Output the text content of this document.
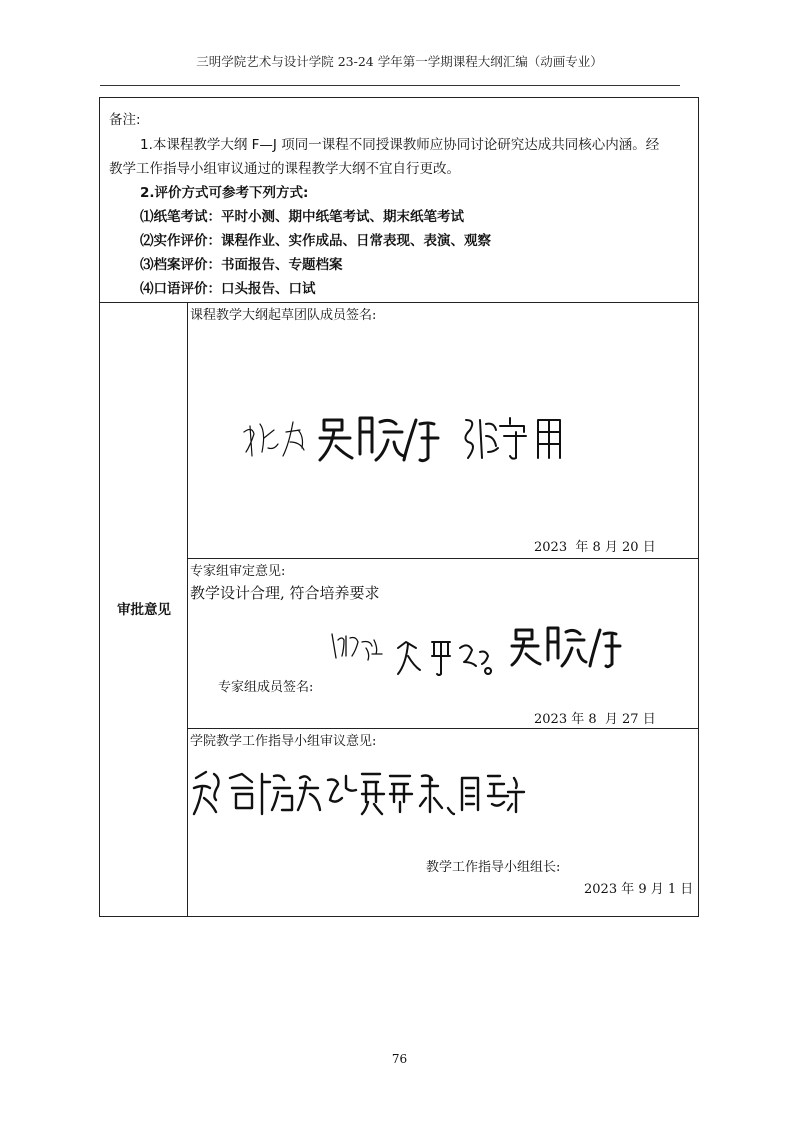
三明学院艺术与设计学院 23-24 学年第一学期课程大纲汇编（动画专业）
备注:
1.本课程教学大纲 F—J 项同一课程不同授课教师应协同讨论研究达成共同核心内涵。经
教学工作指导小组审议通过的课程教学大纲不宜自行更改。
2.评价方式可参考下列方式:
⑴纸笔考试：平时小测、期中纸笔考试、期末纸笔考试
⑵实作评价：课程作业、实作成品、日常表现、表演、观察
⑶档案评价：书面报告、专题档案
⑷口语评价：口头报告、口试
审批意见
课程教学大纲起草团队成员签名:
2023  年 8 月 20 日
专家组审定意见:
教学设计合理, 符合培养要求
专家组成员签名:
2023 年 8  月 27 日
学院教学工作指导小组审议意见:
教学工作指导小组组长:
2023 年 9 月 1 日
76
